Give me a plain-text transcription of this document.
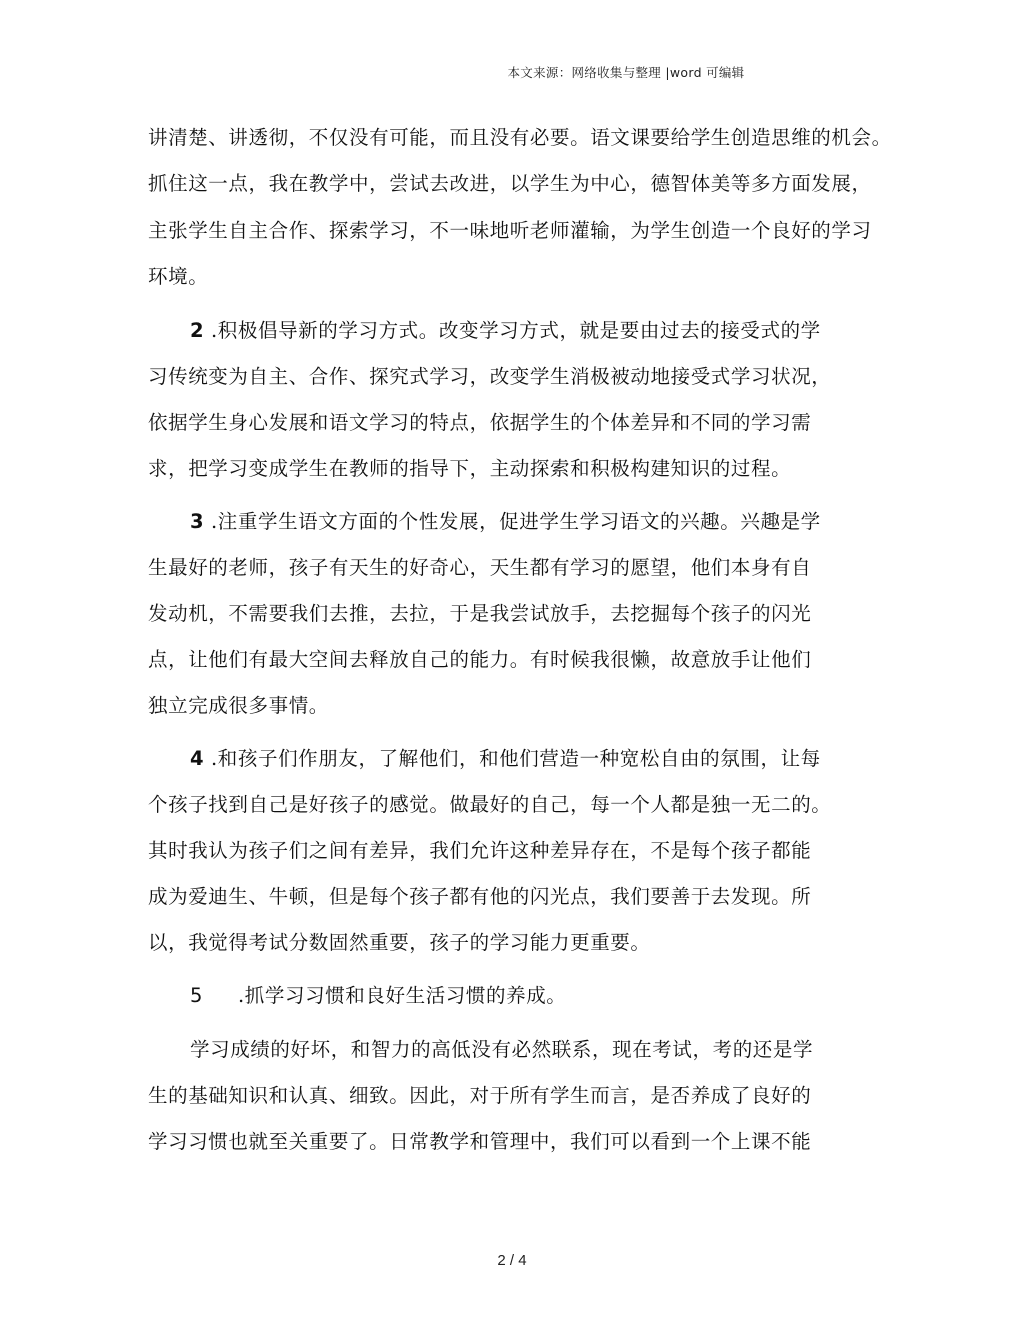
本文来源：网络收集与整理 |word 可编辑
讲清楚、讲透彻，不仅没有可能，而且没有必要。语文课要给学生创造思维的机会。
抓住这一点，我在教学中，尝试去改进，以学生为中心，德智体美等多方面发展，
主张学生自主合作、探索学习，不一味地听老师灌输，为学生创造一个良好的学习
环境。
2 .积极倡导新的学习方式。改变学习方式，就是要由过去的接受式的学
习传统变为自主、合作、探究式学习，改变学生消极被动地接受式学习状况，
依据学生身心发展和语文学习的特点，依据学生的个体差异和不同的学习需
求，把学习变成学生在教师的指导下，主动探索和积极构建知识的过程。
3 .注重学生语文方面的个性发展，促进学生学习语文的兴趣。兴趣是学
生最好的老师，孩子有天生的好奇心，天生都有学习的愿望，他们本身有自
发动机，不需要我们去推，去拉，于是我尝试放手，去挖掘每个孩子的闪光
点，让他们有最大空间去释放自己的能力。有时候我很懒，故意放手让他们
独立完成很多事情。
4 .和孩子们作朋友，了解他们，和他们营造一种宽松自由的氛围，让每
个孩子找到自己是好孩子的感觉。做最好的自己，每一个人都是独一无二的。
其时我认为孩子们之间有差异，我们允许这种差异存在，不是每个孩子都能
成为爱迪生、牛顿，但是每个孩子都有他的闪光点，我们要善于去发现。所
以，我觉得考试分数固然重要，孩子的学习能力更重要。
5 .抓学习习惯和良好生活习惯的养成。
学习成绩的好坏，和智力的高低没有必然联系，现在考试，考的还是学
生的基础知识和认真、细致。因此，对于所有学生而言，是否养成了良好的
学习习惯也就至关重要了。日常教学和管理中，我们可以看到一个上课不能
2 / 4
